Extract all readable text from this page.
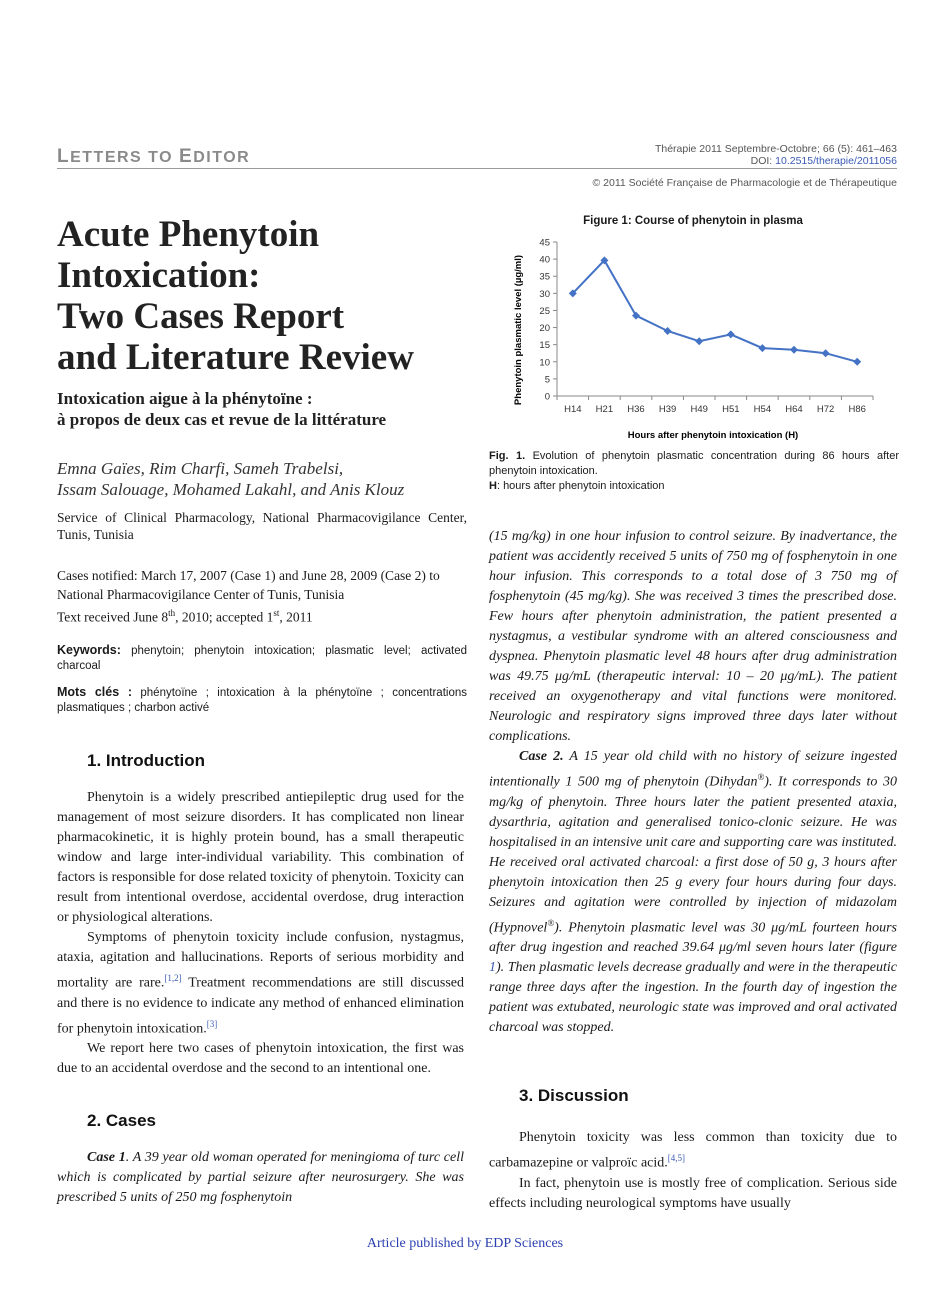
LETTERS TO EDITOR	Thérapie 2011 Septembre-Octobre; 66 (5): 461–463
DOI: 10.2515/therapie/2011056
© 2011 Société Française de Pharmacologie et de Thérapeutique
Acute Phenytoin
Intoxication:
Two Cases Report
and Literature Review
Intoxication aigue à la phénytoïne :
à propos de deux cas et revue de la littérature
Emna Gaïes, Rim Charfi, Sameh Trabelsi,
Issam Salouage, Mohamed Lakahl, and Anis Klouz
Service of Clinical Pharmacology, National Pharmacovigilance Center, Tunis, Tunisia
Cases notified: March 17, 2007 (Case 1) and June 28, 2009 (Case 2) to National Pharmacovigilance Center of Tunis, Tunisia
Text received June 8th, 2010; accepted 1st, 2011
Keywords: phenytoin; phenytoin intoxication; plasmatic level; activated charcoal
Mots clés : phénytoïne ; intoxication à la phénytoïne ; concentrations plasmatiques ; charbon activé
1. Introduction

Phenytoin is a widely prescribed antiepileptic drug used for the management of most seizure disorders. It has complicated non linear pharmacokinetic, it is highly protein bound, has a small therapeutic window and large inter-individual variability. This combination of factors is responsible for dose related toxicity of phenytoin. Toxicity can result from intentional overdose, accidental overdose, drug interaction or physiological alterations.

Symptoms of phenytoin toxicity include confusion, nystagmus, ataxia, agitation and hallucinations. Reports of serious morbidity and mortality are rare.[1,2] Treatment recommendations are still discussed and there is no evidence to indicate any method of enhanced elimination for phenytoin intoxication.[3]

We report here two cases of phenytoin intoxication, the first was due to an accidental overdose and the second to an intentional one.

2. Cases

Case 1. A 39 year old woman operated for meningioma of turc cell which is complicated by partial seizure after neurosurgery. She was prescribed 5 units of 250 mg fosphenytoin

Figure 1: Course of phenytoin in plasma
Phenytoin plasmatic level (µg/ml) 0
5
10
15
20
25
30
35
40
45
H14 H21 H36 H39 H49 H51 H54 H64 H72 H86
Hours after phenytoin intoxication (H)
Fig. 1. Evolution of phenytoin plasmatic concentration during 86 hours after phenytoin intoxication.
H: hours after phenytoin intoxication

(15 mg/kg) in one hour infusion to control seizure. By inadvertance, the patient was accidently received 5 units of 750 mg of fosphenytoin in one hour infusion. This corresponds to a total dose of 3 750 mg of fosphenytoin (45 mg/kg). She was received 3 times the prescribed dose. Few hours after phenytoin administration, the patient presented a nystagmus, a vestibular syndrome with an altered consciousness and dyspnea. Phenytoin plasmatic level 48 hours after drug administration was 49.75 μg/mL (therapeutic interval: 10 – 20 μg/mL). The patient received an oxygenotherapy and vital functions were monitored. Neurologic and respiratory signs improved three days later without complications.

Case 2. A 15 year old child with no history of seizure ingested intentionally 1 500 mg of phenytoin (Dihydan®). It corresponds to 30 mg/kg of phenytoin. Three hours later the patient presented ataxia, dysarthria, agitation and generalised tonico-clonic seizure. He was hospitalised in an intensive unit care and supporting care was instituted. He received oral activated charcoal: a first dose of 50 g, 3 hours after phenytoin intoxication then 25 g every four hours during four days. Seizures and agitation were controlled by injection of midazolam (Hypnovel®). Phenytoin plasmatic level was 30 μg/mL fourteen hours after drug ingestion and reached 39.64 μg/ml seven hours later (figure 1). Then plasmatic levels decrease gradually and were in the therapeutic range three days after the ingestion. In the fourth day of ingestion the patient was extubated, neurologic state was improved and oral activated charcoal was stopped.

3. Discussion

Phenytoin toxicity was less common than toxicity due to carbamazepine or valproïc acid.[4,5]

In fact, phenytoin use is mostly free of complication. Serious side effects including neurological symptoms have usually

Article published by EDP Sciences
